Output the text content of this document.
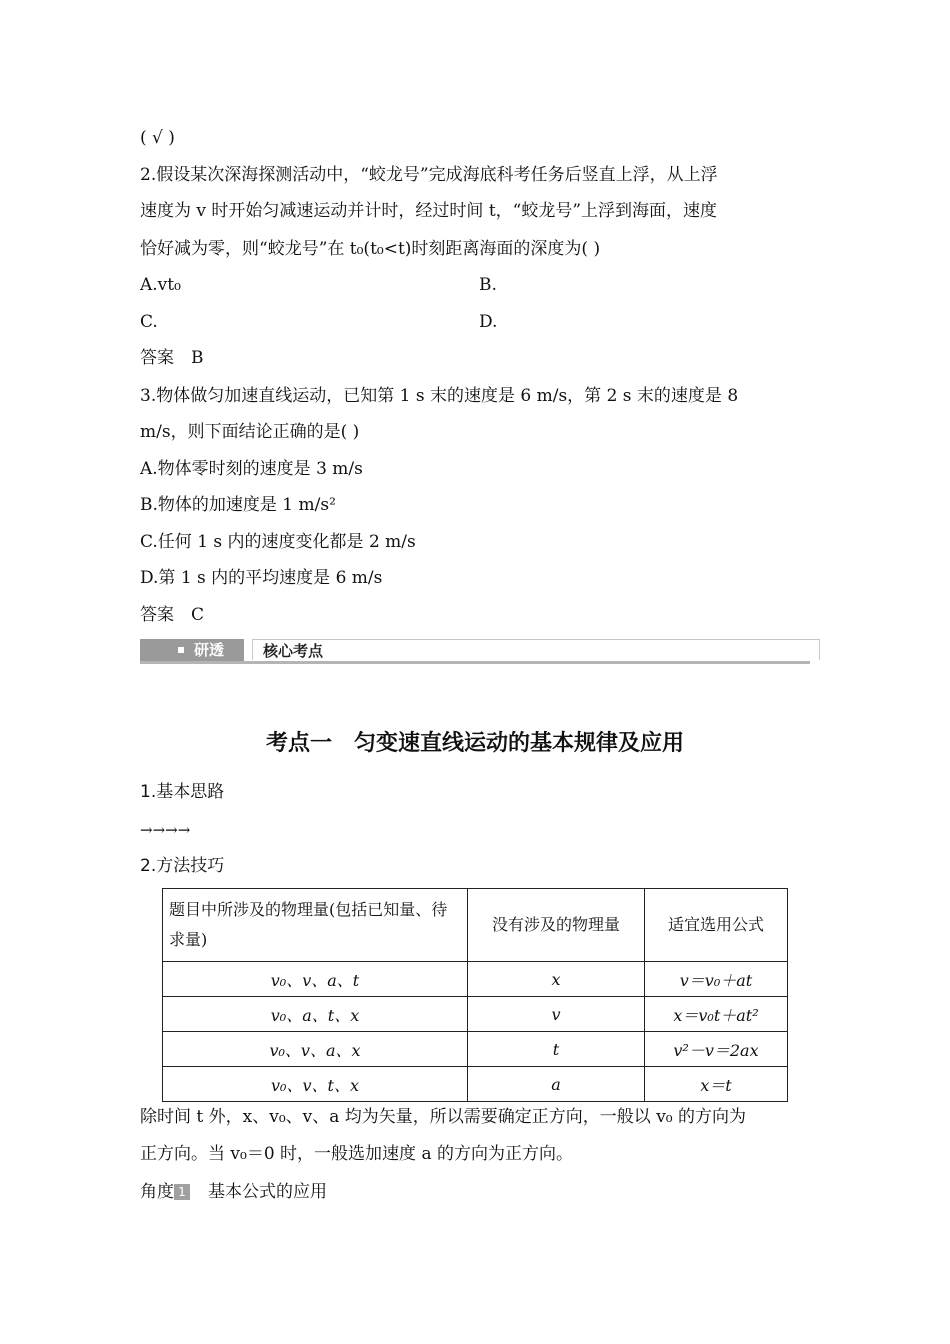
( √ )
2.假设某次深海探测活动中，“蛟龙号”完成海底科考任务后竖直上浮，从上浮
速度为 v 时开始匀减速运动并计时，经过时间 t，“蛟龙号”上浮到海面，速度
恰好减为零，则“蛟龙号”在 t₀(t₀<t)时刻距离海面的深度为( )
A.vt₀	B.
C.	D.
答案　B
3.物体做匀加速直线运动，已知第 1 s 末的速度是 6 m/s，第 2 s 末的速度是 8
m/s，则下面结论正确的是( )
A.物体零时刻的速度是 3 m/s
B.物体的加速度是 1 m/s²
C.任何 1 s 内的速度变化都是 2 m/s
D.第 1 s 内的平均速度是 6 m/s
答案　C
研透	核心考点
考点一　匀变速直线运动的基本规律及应用
1.基本思路
→→→→
2.方法技巧
题目中所涉及的物理量(包括已知量、待求量)	没有涉及的物理量	适宜选用公式
v₀、v、a、t	x	v＝v₀＋at
v₀、a、t、x	v	x＝v₀t＋at²
v₀、v、a、x	t	v²－v＝2ax
v₀、v、t、x	a	x＝t
除时间 t 外，x、v₀、v、a 均为矢量，所以需要确定正方向，一般以 v₀ 的方向为
正方向。当 v₀＝0 时，一般选加速度 a 的方向为正方向。
角度 1 基本公式的应用
